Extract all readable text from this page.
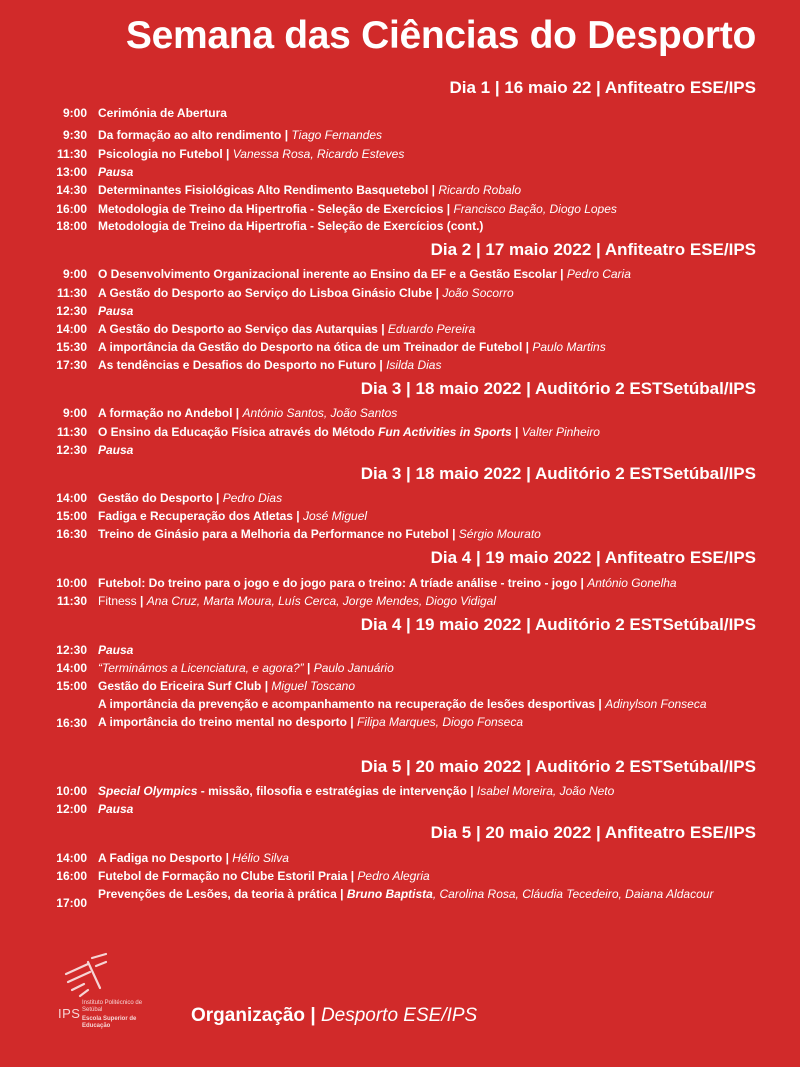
Semana das Ciências do Desporto
Dia 1 | 16 maio 22 | Anfiteatro ESE/IPS
Dia 2 | 17 maio 2022 | Anfiteatro ESE/IPS
Dia 3 | 18 maio 2022 | Auditório 2 ESTSetúbal/IPS
Dia 3 | 18 maio 2022 | Auditório 2 ESTSetúbal/IPS
Dia 4 | 19 maio 2022 | Anfiteatro ESE/IPS
Dia 4 | 19 maio 2022 | Auditório 2 ESTSetúbal/IPS
Dia 5 | 20 maio 2022 | Auditório 2 ESTSetúbal/IPS
Dia 5 | 20 maio 2022 | Anfiteatro ESE/IPS
9:00 Cerimónia de Abertura
9:30 Da formação ao alto rendimento | Tiago Fernandes
11:30 Psicologia no Futebol | Vanessa Rosa, Ricardo Esteves
13:00 Pausa
14:30 Determinantes Fisiológicas Alto Rendimento Basquetebol | Ricardo Robalo
16:00 Metodologia de Treino da Hipertrofia - Seleção de Exercícios | Francisco Bação, Diogo Lopes
18:00 Metodologia de Treino da Hipertrofia - Seleção de Exercícios (cont.)
9:00 O Desenvolvimento Organizacional inerente ao Ensino da EF e a Gestão Escolar | Pedro Caria
11:30 A Gestão do Desporto ao Serviço do Lisboa Ginásio Clube | João Socorro
12:30 Pausa
14:00 A Gestão do Desporto ao Serviço das Autarquias | Eduardo Pereira
15:30 A importância da Gestão do Desporto na ótica de um Treinador de Futebol | Paulo Martins
17:30 As tendências e Desafios do Desporto no Futuro | Isilda Dias
9:00 A formação no Andebol | António Santos, João Santos
11:30 O Ensino da Educação Física através do Método Fun Activities in Sports | Valter Pinheiro
12:30 Pausa
14:00 Gestão do Desporto | Pedro Dias
15:00 Fadiga e Recuperação dos Atletas | José Miguel
16:30 Treino de Ginásio para a Melhoria da Performance no Futebol | Sérgio Mourato
10:00 Futebol: Do treino para o jogo e do jogo para o treino: A tríade análise - treino - jogo | António Gonelha
11:30 Fitness | Ana Cruz, Marta Moura, Luís Cerca, Jorge Mendes, Diogo Vidigal
12:30 Pausa
14:00 “Terminámos a Licenciatura, e agora?” | Paulo Januário
15:00 Gestão do Ericeira Surf Club | Miguel Toscano
16:30
A importância da prevenção e acompanhamento na recuperação de lesões desportivas | Adinylson Fonseca
A importância do treino mental no desporto | Filipa Marques, Diogo Fonseca
10:00 Special Olympics - missão, filosofia e estratégias de intervenção | Isabel Moreira, João Neto
12:00 Pausa
14:00 A Fadiga no Desporto | Hélio Silva
16:00 Futebol de Formação no Clube Estoril Praia | Pedro Alegria
17:00
Prevenções de Lesões, da teoria à prática | Bruno Baptista, Carolina Rosa, Cláudia Tecedeiro, Daiana Aldacour
IPS
Instituto Politécnico de Setúbal
Escola Superior de Educação	Organização | Desporto ESE/IPS
